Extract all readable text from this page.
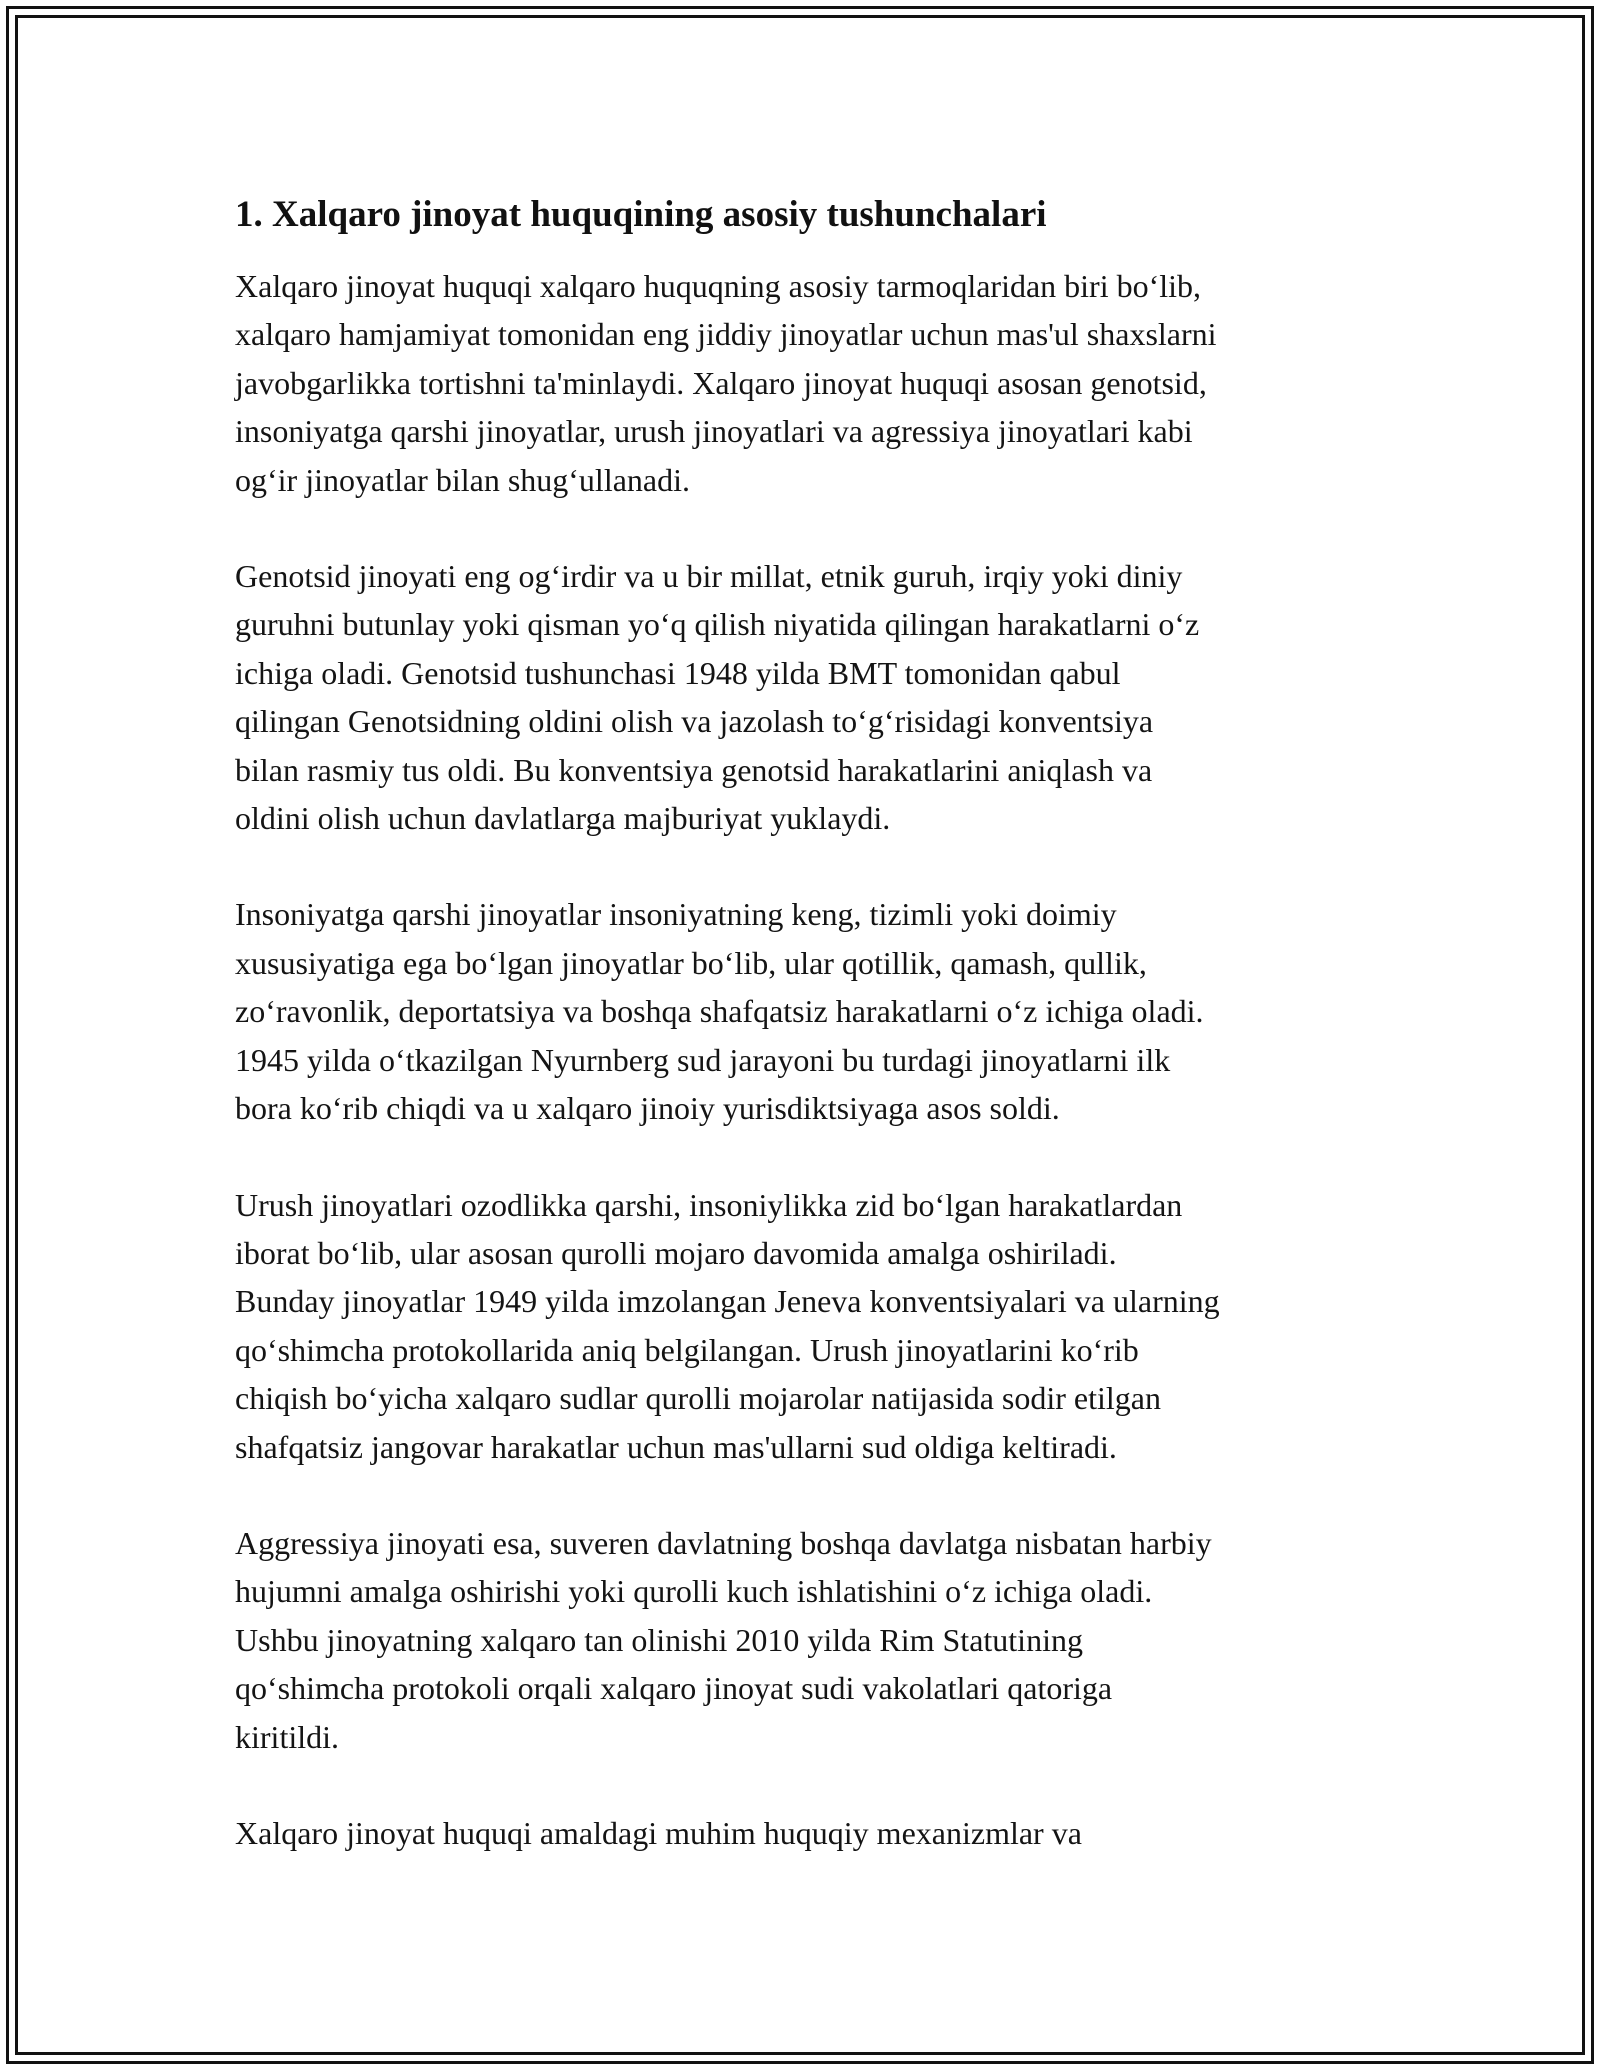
1. Xalqaro jinoyat huquqining asosiy tushunchalari

Xalqaro jinoyat huquqi xalqaro huquqning asosiy tarmoqlaridan biri bo‘lib,
xalqaro hamjamiyat tomonidan eng jiddiy jinoyatlar uchun mas'ul shaxslarni
javobgarlikka tortishni ta'minlaydi. Xalqaro jinoyat huquqi asosan genotsid,
insoniyatga qarshi jinoyatlar, urush jinoyatlari va agressiya jinoyatlari kabi
og‘ir jinoyatlar bilan shug‘ullanadi.

Genotsid jinoyati eng og‘irdir va u bir millat, etnik guruh, irqiy yoki diniy
guruhni butunlay yoki qisman yo‘q qilish niyatida qilingan harakatlarni o‘z
ichiga oladi. Genotsid tushunchasi 1948 yilda BMT tomonidan qabul
qilingan Genotsidning oldini olish va jazolash to‘g‘risidagi konventsiya
bilan rasmiy tus oldi. Bu konventsiya genotsid harakatlarini aniqlash va
oldini olish uchun davlatlarga majburiyat yuklaydi.

Insoniyatga qarshi jinoyatlar insoniyatning keng, tizimli yoki doimiy
xususiyatiga ega bo‘lgan jinoyatlar bo‘lib, ular qotillik, qamash, qullik,
zo‘ravonlik, deportatsiya va boshqa shafqatsiz harakatlarni o‘z ichiga oladi.
1945 yilda o‘tkazilgan Nyurnberg sud jarayoni bu turdagi jinoyatlarni ilk
bora ko‘rib chiqdi va u xalqaro jinoiy yurisdiktsiyaga asos soldi.

Urush jinoyatlari ozodlikka qarshi, insoniylikka zid bo‘lgan harakatlardan
iborat bo‘lib, ular asosan qurolli mojaro davomida amalga oshiriladi.
Bunday jinoyatlar 1949 yilda imzolangan Jeneva konventsiyalari va ularning
qo‘shimcha protokollarida aniq belgilangan. Urush jinoyatlarini ko‘rib
chiqish bo‘yicha xalqaro sudlar qurolli mojarolar natijasida sodir etilgan
shafqatsiz jangovar harakatlar uchun mas'ullarni sud oldiga keltiradi.

Aggressiya jinoyati esa, suveren davlatning boshqa davlatga nisbatan harbiy
hujumni amalga oshirishi yoki qurolli kuch ishlatishini o‘z ichiga oladi.
Ushbu jinoyatning xalqaro tan olinishi 2010 yilda Rim Statutining
qo‘shimcha protokoli orqali xalqaro jinoyat sudi vakolatlari qatoriga
kiritildi.

Xalqaro jinoyat huquqi amaldagi muhim huquqiy mexanizmlar va
